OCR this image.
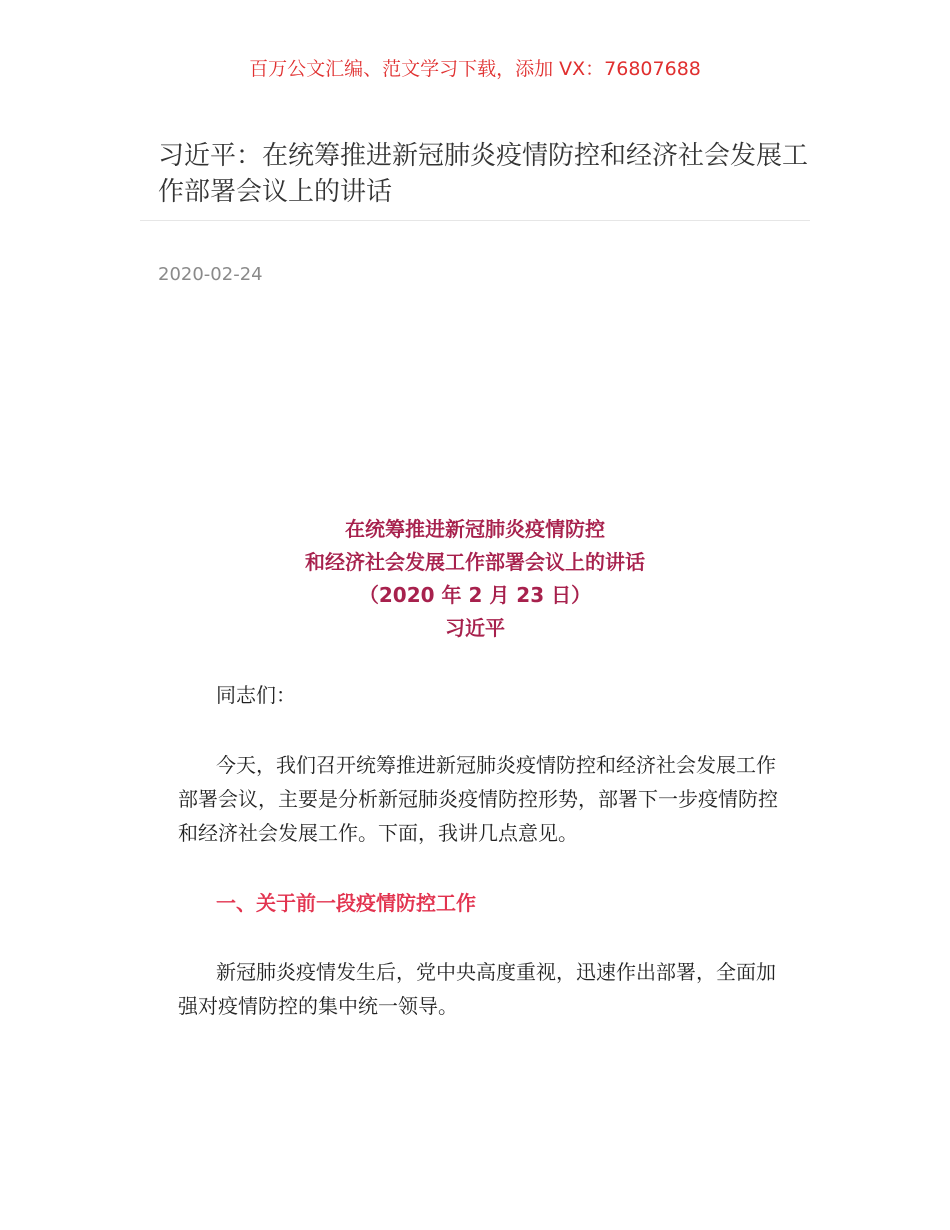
百万公文汇编、范文学习下载，添加 VX：76807688
习近平：在统筹推进新冠肺炎疫情防控和经济社会发展工作部署会议上的讲话
2020-02-24
在统筹推进新冠肺炎疫情防控
和经济社会发展工作部署会议上的讲话
（2020 年 2 月 23 日）
习近平
同志们：
今天，我们召开统筹推进新冠肺炎疫情防控和经济社会发展工作部署会议，主要是分析新冠肺炎疫情防控形势，部署下一步疫情防控和经济社会发展工作。下面，我讲几点意见。
一、关于前一段疫情防控工作
新冠肺炎疫情发生后，党中央高度重视，迅速作出部署，全面加强对疫情防控的集中统一领导。
